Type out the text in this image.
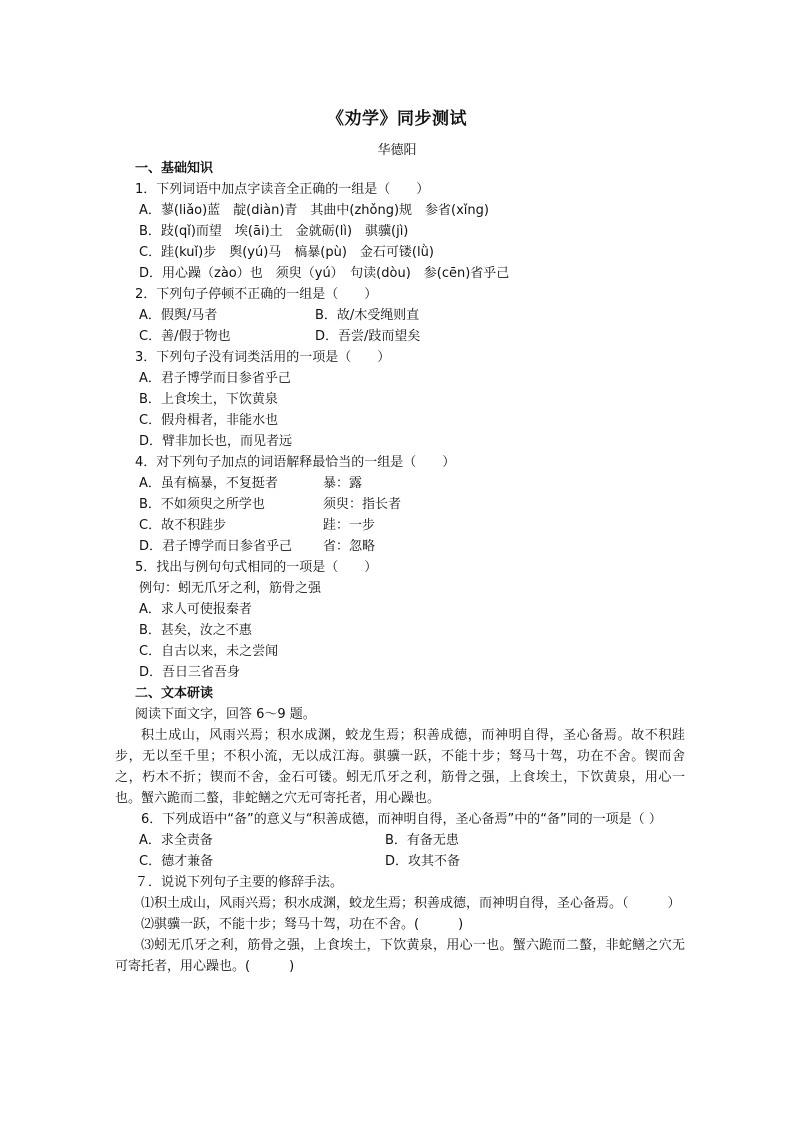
《劝学》同步测试
华德阳
一、基础知识
1．下列词语中加点字读音全正确的一组是（　　）
A．蓼(liǎo)蓝　靛(diàn)青　其曲中(zhǒng)规　参省(xǐng)
B．跂(qǐ)而望　埃(āi)土　金就砺(lì)　骐骥(jì)
C．跬(kuǐ)步　舆(yú)马　槁暴(pù)　金石可镂(lǜ)
D．用心躁（zào）也　须臾（yú）　句读(dòu)　参(cēn)省乎己
2．下列句子停顿不正确的一组是（　　）
A．假舆/马者	B．故/木受绳则直
C．善/假于物也	D．吾尝/跂而望矣
3．下列句子没有词类活用的一项是（　　）
A．君子博学而日参省乎己
B．上食埃土，下饮黄泉
C．假舟楫者，非能水也
D．臂非加长也，而见者远
4．对下列句子加点的词语解释最恰当的一组是（　　）
A．虽有槁暴，不复挺者	暴：露
B．不如须臾之所学也	须臾：指长者
C．故不积跬步	跬：一步
D．君子博学而日参省乎己	省：忽略
5．找出与例句句式相同的一项是（　　）
例句：蚓无爪牙之利，筋骨之强
A．求人可使报秦者
B．甚矣，汝之不惠
C．自古以来，未之尝闻
D．吾日三省吾身
二、文本研读
阅读下面文字，回答 6～9 题。
积土成山，风雨兴焉；积水成渊，蛟龙生焉；积善成德，而神明自得，圣心备焉。故不积跬步，无以至千里；不积小流，无以成江海。骐骥一跃，不能十步；驽马十驾，功在不舍。锲而舍之，朽木不折；锲而不舍，金石可镂。蚓无爪牙之利，筋骨之强，上食埃土，下饮黄泉，用心一也。蟹六跪而二螯，非蛇鳝之穴无可寄托者，用心躁也。
6．下列成语中“备”的意义与“积善成德，而神明自得，圣心备焉”中的“备”同的一项是（ ）
A．求全责备	B．有备无患
C．德才兼备	D．攻其不备
７．说说下列句子主要的修辞手法。
⑴积土成山，风雨兴焉；积水成渊，蛟龙生焉；积善成德，而神明自得，圣心备焉。（　　　）
⑵骐骥一跃，不能十步；驽马十驾，功在不舍。(　　　)
⑶蚓无爪牙之利，筋骨之强，上食埃土，下饮黄泉，用心一也。蟹六跪而二螯，非蛇鳝之穴无可寄托者，用心躁也。(　　　)
